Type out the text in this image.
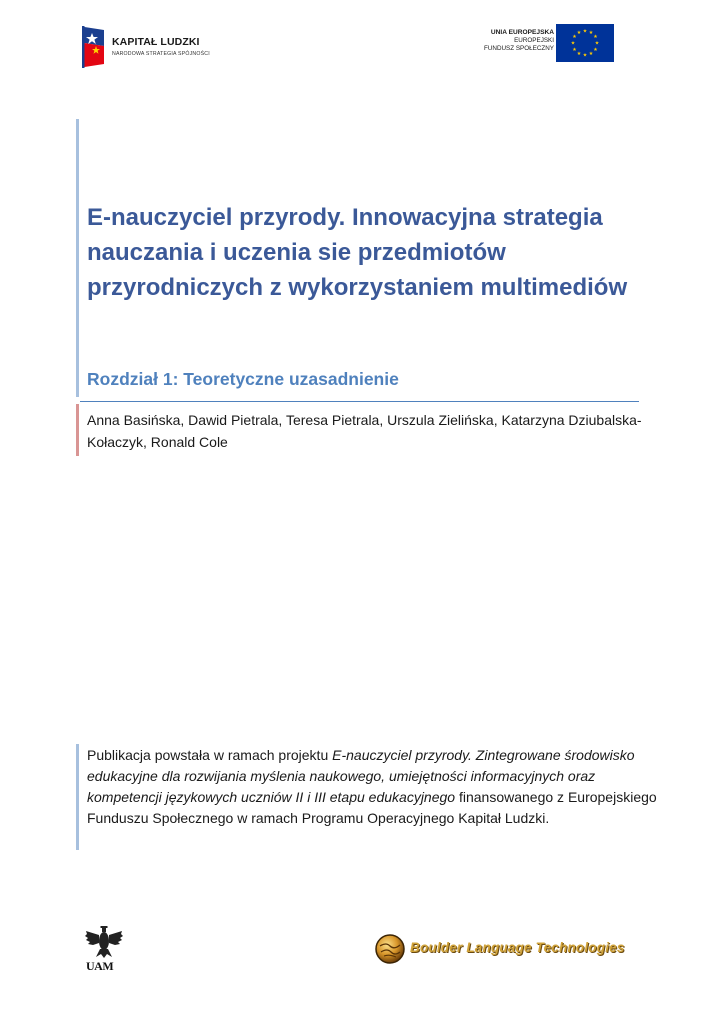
KAPITAŁ LUDZKI
NARODOWA STRATEGIA SPÓJNOŚCI
UNIA EUROPEJSKA
EUROPEJSKI
FUNDUSZ SPOŁECZNY
★ ★
★
★
★
★
★
★
★
★
★
★
E-nauczyciel przyrody. Innowacyjna strategia nauczania i uczenia sie przedmiotów przyrodniczych z wykorzystaniem multimediów
Rozdział 1: Teoretyczne uzasadnienie

Anna Basińska, Dawid Pietrala, Teresa Pietrala, Urszula Zielińska, Katarzyna Dziubalska-Kołaczyk, Ronald Cole

Publikacja powstała w ramach projektu E-nauczyciel przyrody. Zintegrowane środowisko edukacyjne dla rozwijania myślenia naukowego, umiejętności informacyjnych oraz kompetencji językowych uczniów II i III etapu edukacyjnego finansowanego z Europejskiego Funduszu Społecznego w ramach Programu Operacyjnego Kapitał Ludzki.

UAM
Boulder Language Technologies
